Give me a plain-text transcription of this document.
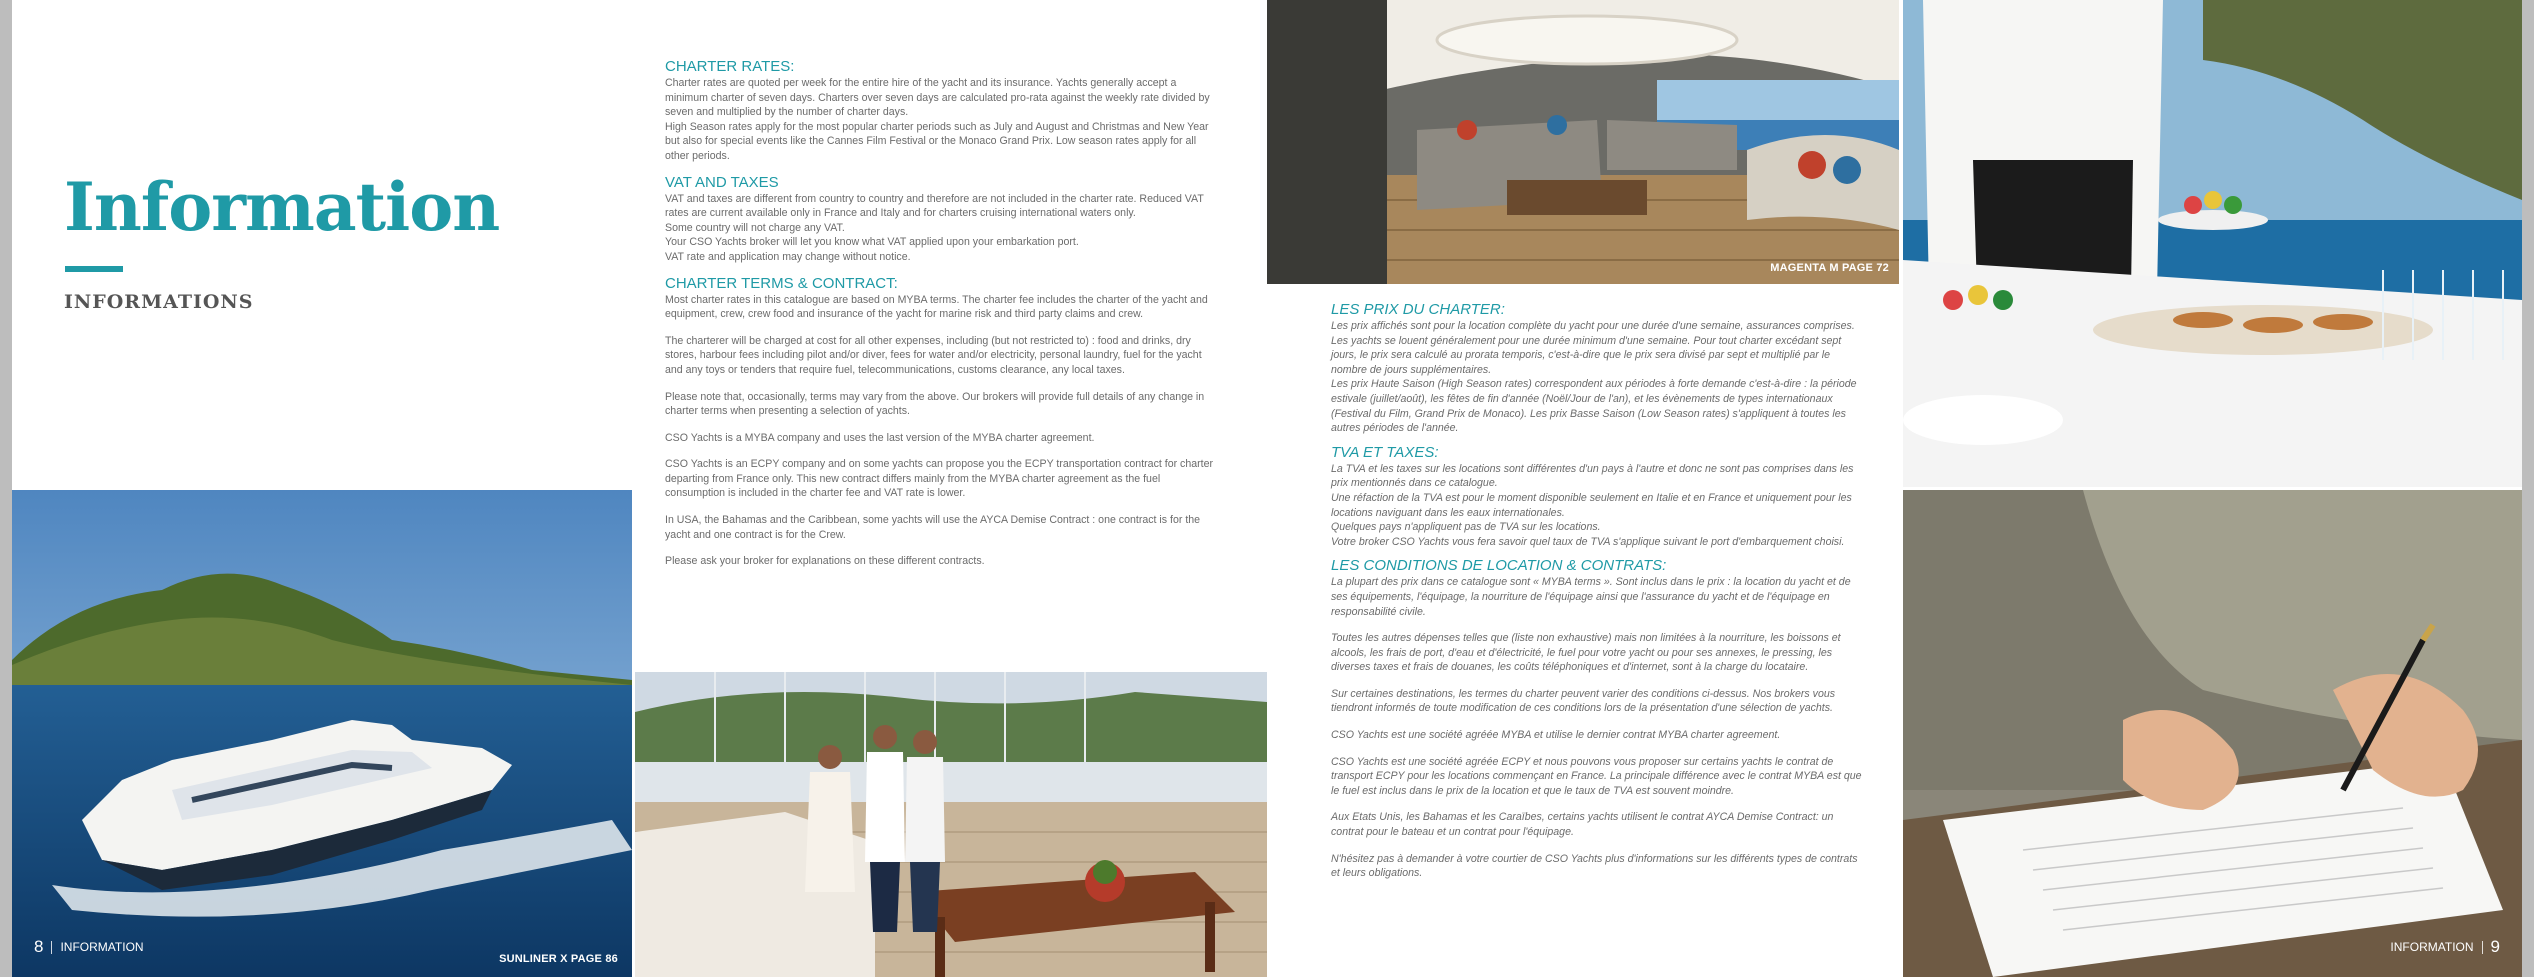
Information
INFORMATIONS
SUNLINER X PAGE 86
8 INFORMATION
CHARTER RATES:

Charter rates are quoted per week for the entire hire of the yacht and its insurance. Yachts generally accept a minimum charter of seven days. Charters over seven days are calculated pro-rata against the weekly rate divided by seven and multiplied by the number of charter days.

High Season rates apply for the most popular charter periods such as July and August and Christmas and New Year but also for special events like the Cannes Film Festival or the Monaco Grand Prix. Low season rates apply for all other periods.

VAT AND TAXES

VAT and taxes are different from country to country and therefore are not included in the charter rate. Reduced VAT rates are current available only in France and Italy and for charters cruising international waters only.

Some country will not charge any VAT.

Your CSO Yachts broker will let you know what VAT applied upon your embarkation port.

VAT rate and application may change without notice.

CHARTER TERMS & CONTRACT:

Most charter rates in this catalogue are based on MYBA terms. The charter fee includes the charter of the yacht and equipment, crew, crew food and insurance of the yacht for marine risk and third party claims and crew.

The charterer will be charged at cost for all other expenses, including (but not restricted to) : food and drinks, dry stores, harbour fees including pilot and/or diver, fees for water and/or electricity, personal laundry, fuel for the yacht and any toys or tenders that require fuel, telecommunications, customs clearance, any local taxes.

Please note that, occasionally, terms may vary from the above. Our brokers will provide full details of any change in charter terms when presenting a selection of yachts.

CSO Yachts is a MYBA company and uses the last version of the MYBA charter agreement.

CSO Yachts is an ECPY company and on some yachts can propose you the ECPY transportation contract for charter departing from France only. This new contract differs mainly from the MYBA charter agreement as the fuel consumption is included in the charter fee and VAT rate is lower.

In USA, the Bahamas and the Caribbean, some yachts will use the AYCA Demise Contract : one contract is for the yacht and one contract is for the Crew.

Please ask your broker for explanations on these different contracts.

MAGENTA M PAGE 72
INFORMATION 9
LES PRIX DU CHARTER:

Les prix affichés sont pour la location complète du yacht pour une durée d'une semaine, assurances comprises. Les yachts se louent généralement pour une durée minimum d'une semaine. Pour tout charter excédant sept jours, le prix sera calculé au prorata temporis, c'est-à-dire que le prix sera divisé par sept et multiplié par le nombre de jours supplémentaires.

Les prix Haute Saison (High Season rates) correspondent aux périodes à forte demande c'est-à-dire : la période estivale (juillet/août), les fêtes de fin d'année (Noël/Jour de l'an), et les évènements de types internationaux (Festival du Film, Grand Prix de Monaco). Les prix Basse Saison (Low Season rates) s'appliquent à toutes les autres périodes de l'année.

TVA ET TAXES:

La TVA et les taxes sur les locations sont différentes d'un pays à l'autre et donc ne sont pas comprises dans les prix mentionnés dans ce catalogue.

Une réfaction de la TVA est pour le moment disponible seulement en Italie et en France et uniquement pour les locations naviguant dans les eaux internationales.

Quelques pays n'appliquent pas de TVA sur les locations.

Votre broker CSO Yachts vous fera savoir quel taux de TVA s'applique suivant le port d'embarquement choisi.

LES CONDITIONS DE LOCATION & CONTRATS:

La plupart des prix dans ce catalogue sont « MYBA terms ». Sont inclus dans le prix : la location du yacht et de ses équipements, l'équipage, la nourriture de l'équipage ainsi que l'assurance du yacht et de l'équipage en responsabilité civile.

Toutes les autres dépenses telles que (liste non exhaustive) mais non limitées à la nourriture, les boissons et alcools, les frais de port, d'eau et d'électricité, le fuel pour votre yacht ou pour ses annexes, le pressing, les diverses taxes et frais de douanes, les coûts téléphoniques et d'internet, sont à la charge du locataire.

Sur certaines destinations, les termes du charter peuvent varier des conditions ci-dessus. Nos brokers vous tiendront informés de toute modification de ces conditions lors de la présentation d'une sélection de yachts.

CSO Yachts est une société agréée MYBA et utilise le dernier contrat MYBA charter agreement.

CSO Yachts est une société agréée ECPY et nous pouvons vous proposer sur certains yachts le contrat de transport ECPY pour les locations commençant en France. La principale différence avec le contrat MYBA est que le fuel est inclus dans le prix de la location et que le taux de TVA est souvent moindre.

Aux Etats Unis, les Bahamas et les Caraïbes, certains yachts utilisent le contrat AYCA Demise Contract: un contrat pour le bateau et un contrat pour l'équipage.

N'hésitez pas à demander à votre courtier de CSO Yachts plus d'informations sur les différents types de contrats et leurs obligations.
